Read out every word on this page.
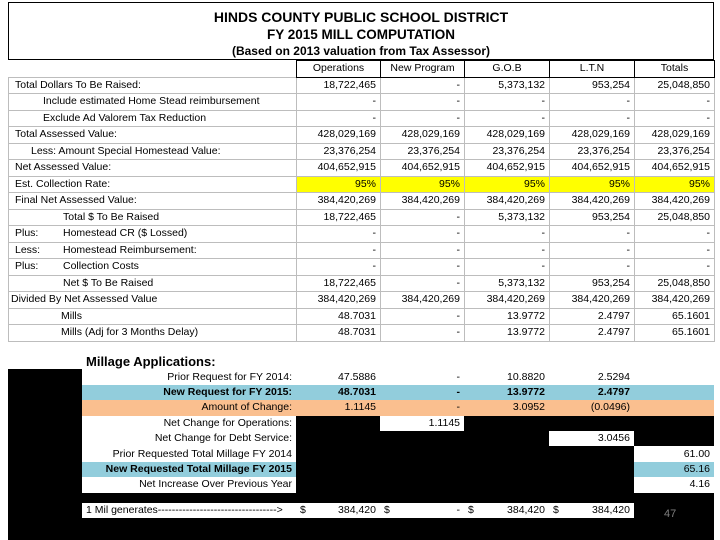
HINDS COUNTY PUBLIC SCHOOL DISTRICT
FY 2015 MILL COMPUTATION
(Based on 2013 valuation from Tax Assessor)
	Operations	New Program	G.O.B	L.T.N	Totals
Total Dollars To Be Raised:	18,722,465	-	5,373,132	953,254	25,048,850
Include estimated Home Stead reimbursement	-	-	-	-	-
Exclude Ad Valorem Tax Reduction	-	-	-	-	-
Total Assessed Value:	428,029,169	428,029,169	428,029,169	428,029,169	428,029,169
Less: Amount Special Homestead Value:	23,376,254	23,376,254	23,376,254	23,376,254	23,376,254
Net Assessed Value:	404,652,915	404,652,915	404,652,915	404,652,915	404,652,915
Est. Collection Rate:	95%	95%	95%	95%	95%
Final Net Assessed Value:	384,420,269	384,420,269	384,420,269	384,420,269	384,420,269

Total $ To Be Raised	18,722,465	-	5,373,132	953,254	25,048,850

Plus: Homestead CR ($ Lossed)	-	-	-	-	-

Less: Homestead Reimbursement:	-	-	-	-	-

Plus: Collection Costs	-	-	-	-	-

Net $ To Be Raised	18,722,465	-	5,373,132	953,254	25,048,850
Divided By Net Assessed Value	384,420,269	384,420,269	384,420,269	384,420,269	384,420,269

Mills	48.7031	-	13.9772	2.4797	65.1601

Mills (Adj for 3 Months Delay)	48.7031	-	13.9772	2.4797	65.1601
Millage Applications:						
	Prior Request for FY 2014:	47.5886	-	10.8820	2.5294	
	New Request for FY 2015:	48.7031	-	13.9772	2.4797	
	Amount of Change:	1.1145	-	3.0952	(0.0496)	
	Net Change for Operations:		1.1145			
	Net Change for Debt Service:				3.0456	
	Prior Requested Total Millage FY 2014					61.00
	New Requested Total Millage FY 2015					65.16
	Net Increase Over Previous Year					4.16

	1 Mil generates---------------------------------->	$ 384,420	$ -	$ 384,420	$ 384,420	
		47
